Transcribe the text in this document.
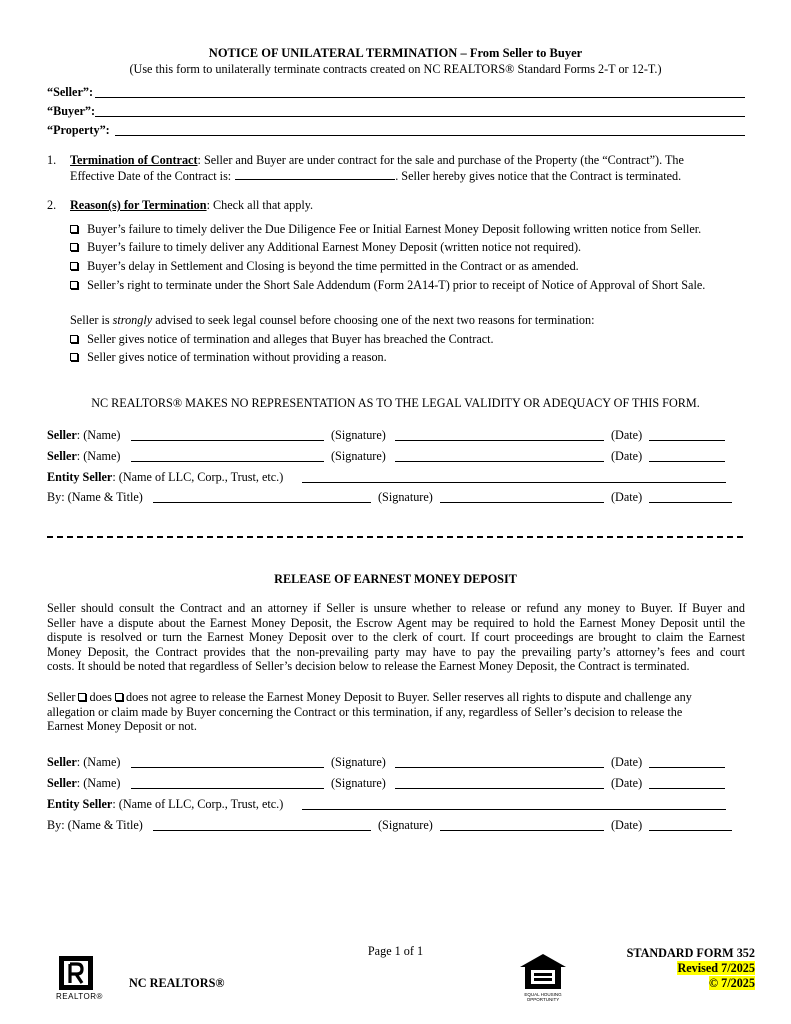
NOTICE OF UNILATERAL TERMINATION – From Seller to Buyer
(Use this form to unilaterally terminate contracts created on NC REALTORS® Standard Forms 2-T or 12-T.)
“Seller”:
“Buyer”:
“Property”:
1. Termination of Contract: Seller and Buyer are under contract for the sale and purchase of the Property (the “Contract”). The
Effective Date of the Contract is:	. Seller hereby gives notice that the Contract is terminated.
2. Reason(s) for Termination: Check all that apply.
Buyer’s failure to timely deliver the Due Diligence Fee or Initial Earnest Money Deposit following written notice from Seller.
Buyer’s failure to timely deliver any Additional Earnest Money Deposit (written notice not required).
Buyer’s delay in Settlement and Closing is beyond the time permitted in the Contract or as amended.
Seller’s right to terminate under the Short Sale Addendum (Form 2A14-T) prior to receipt of Notice of Approval of Short Sale.
Seller is strongly advised to seek legal counsel before choosing one of the next two reasons for termination:
Seller gives notice of termination and alleges that Buyer has breached the Contract.
Seller gives notice of termination without providing a reason.
NC REALTORS® MAKES NO REPRESENTATION AS TO THE LEGAL VALIDITY OR ADEQUACY OF THIS FORM.
Seller: (Name)	(Signature)	(Date)
Seller: (Name)	(Signature)	(Date)
Entity Seller: (Name of LLC, Corp., Trust, etc.)
By: (Name & Title)	(Signature)	(Date)
RELEASE OF EARNEST MONEY DEPOSIT
Seller should consult the Contract and an attorney if Seller is unsure whether to release or refund any money to Buyer. If Buyer and
Seller have a dispute about the Earnest Money Deposit, the Escrow Agent may be required to hold the Earnest Money Deposit until the
dispute is resolved or turn the Earnest Money Deposit over to the clerk of court. If court proceedings are brought to claim the Earnest
Money Deposit, the Contract provides that the non-prevailing party may have to pay the prevailing party’s attorney’s fees and court
costs. It should be noted that regardless of Seller’s decision below to release the Earnest Money Deposit, the Contract is terminated.
Seller does does not agree to release the Earnest Money Deposit to Buyer. Seller reserves all rights to dispute and challenge any
allegation or claim made by Buyer concerning the Contract or this termination, if any, regardless of Seller’s decision to release the
Earnest Money Deposit or not.
Seller: (Name)	(Signature)	(Date)
Seller: (Name)	(Signature)	(Date)
Entity Seller: (Name of LLC, Corp., Trust, etc.)
By: (Name & Title)	(Signature)	(Date)
Page 1 of 1
REALTOR®
NC REALTORS®
EQUAL HOUSING OPPORTUNITY
STANDARD FORM 352
Revised 7/2025
© 7/2025
